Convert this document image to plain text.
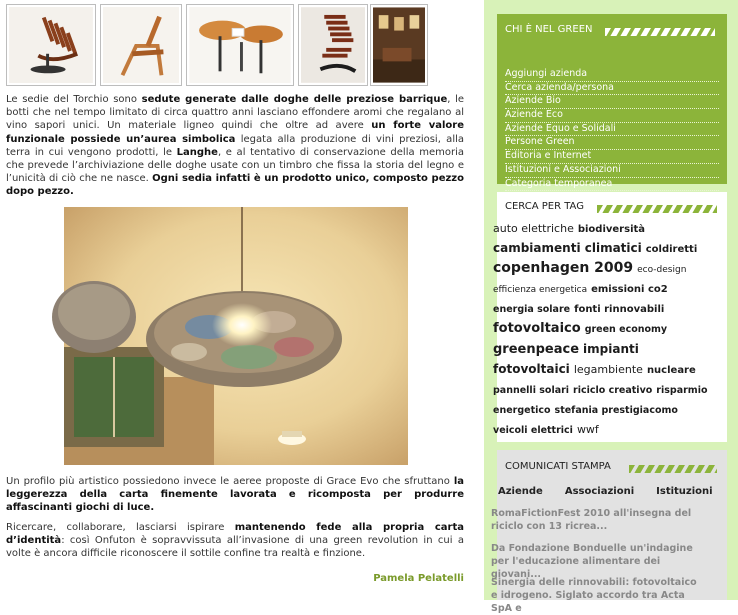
Le sedie del Torchio sono sedute generate dalle doghe delle preziose barrique, le botti che nel tempo limitato di circa quattro anni lasciano effondere aromi che regalano al vino sapori unici. Un materiale ligneo quindi che oltre ad avere un forte valore funzionale possiede un’aurea simbolica legata alla produzione di vini preziosi, alla terra in cui vengono prodotti, le Langhe, e al tentativo di conservazione della memoria che prevede l’archiviazione delle doghe usate con un timbro che fissa la storia del legno e l’unicità di ciò che ne nasce. Ogni sedia infatti è un prodotto unico, composto pezzo dopo pezzo.

Un profilo più artistico possiedono invece le aeree proposte di Grace Evo che sfruttano la leggerezza della carta finemente lavorata e ricomposta per produrre affascinanti giochi di luce.

Ricercare, collaborare, lasciarsi ispirare mantenendo fede alla propria carta d’identità: così Onfuton è sopravvissuta all’invasione di una green revolution in cui a volte è ancora difficile riconoscere il sottile confine tra realtà e finzione.

Pamela Pelatelli
CHI È NEL GREEN
Aggiungi azienda
Cerca azienda/persona
Aziende Bio
Aziende Eco
Aziende Equo e Solidali
Persone Green
Editoria e Internet
Istituzioni e Associazioni
Categoria temporanea
CERCA PER TAG
auto elettriche biodiversità
cambiamenti climatici coldiretti
copenhagen 2009 eco-design
efficienza energetica emissioni co2
energia solare fonti rinnovabili
fotovoltaico green economy
greenpeace impianti
fotovoltaici legambiente nucleare
pannelli solari riciclo creativo risparmio
energetico stefania prestigiacomo
veicoli elettrici wwf
COMUNICATI STAMPA
Aziende Associazioni Istituzioni
RomaFictionFest 2010 all'insegna del riciclo con 13 ricrea...
Da Fondazione Bonduelle un'indagine per l'educazione alimentare dei giovani...
Sinergia delle rinnovabili: fotovoltaico e idrogeno. Siglato accordo tra Acta SpA e
